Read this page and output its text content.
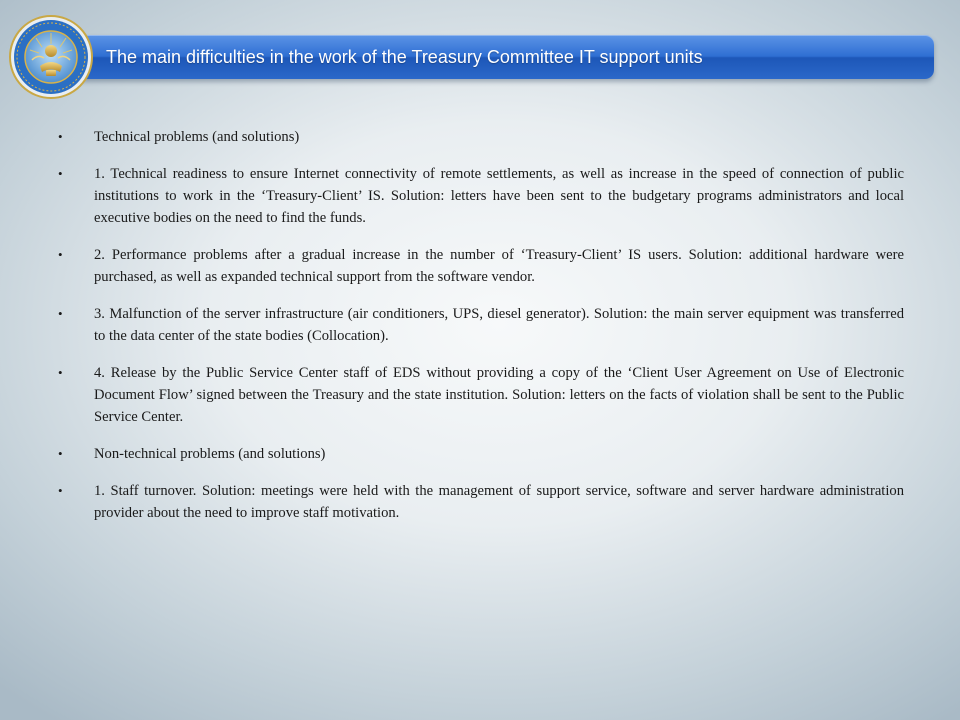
The main difficulties in the work of the Treasury Committee IT support units
• Technical problems (and solutions)
• 1. Technical readiness to ensure Internet connectivity of remote settlements, as well as increase in the speed of connection of public institutions to work in the ‘Treasury-Client’ IS. Solution: letters have been sent to the budgetary programs administrators and local executive bodies on the need to find the funds.
• 2. Performance problems after a gradual increase in the number of ‘Treasury-Client’ IS users. Solution: additional hardware were purchased, as well as expanded technical support from the software vendor.
• 3. Malfunction of the server infrastructure (air conditioners, UPS, diesel generator). Solution: the main server equipment was transferred to the data center of the state bodies (Collocation).
• 4. Release by the Public Service Center staff of EDS without providing a copy of the ‘Client User Agreement on Use of Electronic Document Flow’ signed between the Treasury and the state institution. Solution: letters on the facts of violation shall be sent to the Public Service Center.
• Non-technical problems (and solutions)
• 1. Staff turnover. Solution: meetings were held with the management of support service, software and server hardware administration provider about the need to improve staff motivation.
